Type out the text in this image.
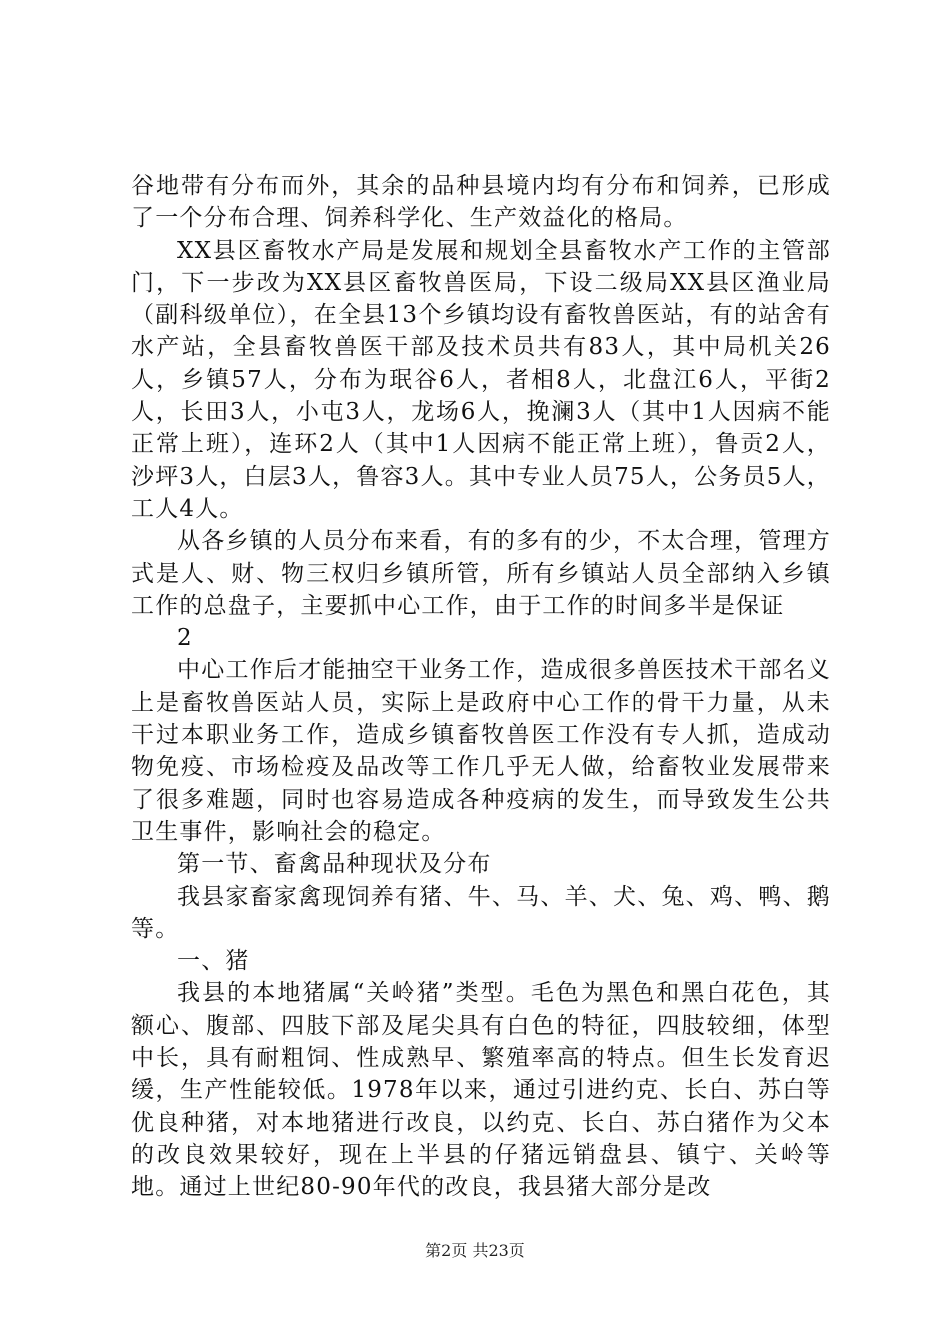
谷地带有分布而外，其余的品种县境内均有分布和饲养，已形成了一个分布合理、饲养科学化、生产效益化的格局。

XX县区畜牧水产局是发展和规划全县畜牧水产工作的主管部门，下一步改为XX县区畜牧兽医局，下设二级局XX县区渔业局（副科级单位），在全县13个乡镇均设有畜牧兽医站，有的站舍有水产站，全县畜牧兽医干部及技术员共有83人，其中局机关26人，乡镇57人，分布为珉谷6人，者相8人，北盘江6人，平街2人，长田3人，小屯3人，龙场6人，挽澜3人（其中1人因病不能正常上班），连环2人（其中1人因病不能正常上班），鲁贡2人，沙坪3人，白层3人，鲁容3人。其中专业人员75人，公务员5人，工人4人。

从各乡镇的人员分布来看，有的多有的少，不太合理，管理方式是人、财、物三权归乡镇所管，所有乡镇站人员全部纳入乡镇工作的总盘子，主要抓中心工作，由于工作的时间多半是保证

2

中心工作后才能抽空干业务工作，造成很多兽医技术干部名义上是畜牧兽医站人员，实际上是政府中心工作的骨干力量，从未干过本职业务工作，造成乡镇畜牧兽医工作没有专人抓，造成动物免疫、市场检疫及品改等工作几乎无人做，给畜牧业发展带来了很多难题，同时也容易造成各种疫病的发生，而导致发生公共卫生事件，影响社会的稳定。

第一节、畜禽品种现状及分布

我县家畜家禽现饲养有猪、牛、马、羊、犬、兔、鸡、鸭、鹅等。

一、猪

我县的本地猪属“关岭猪”类型。毛色为黑色和黑白花色，其额心、腹部、四肢下部及尾尖具有白色的特征，四肢较细，体型中长，具有耐粗饲、性成熟早、繁殖率高的特点。但生长发育迟缓，生产性能较低。1978年以来，通过引进约克、长白、苏白等优良种猪，对本地猪进行改良，以约克、长白、苏白猪作为父本的改良效果较好，现在上半县的仔猪远销盘县、镇宁、关岭等地。通过上世纪80-90年代的改良，我县猪大部分是改

第2页 共23页
